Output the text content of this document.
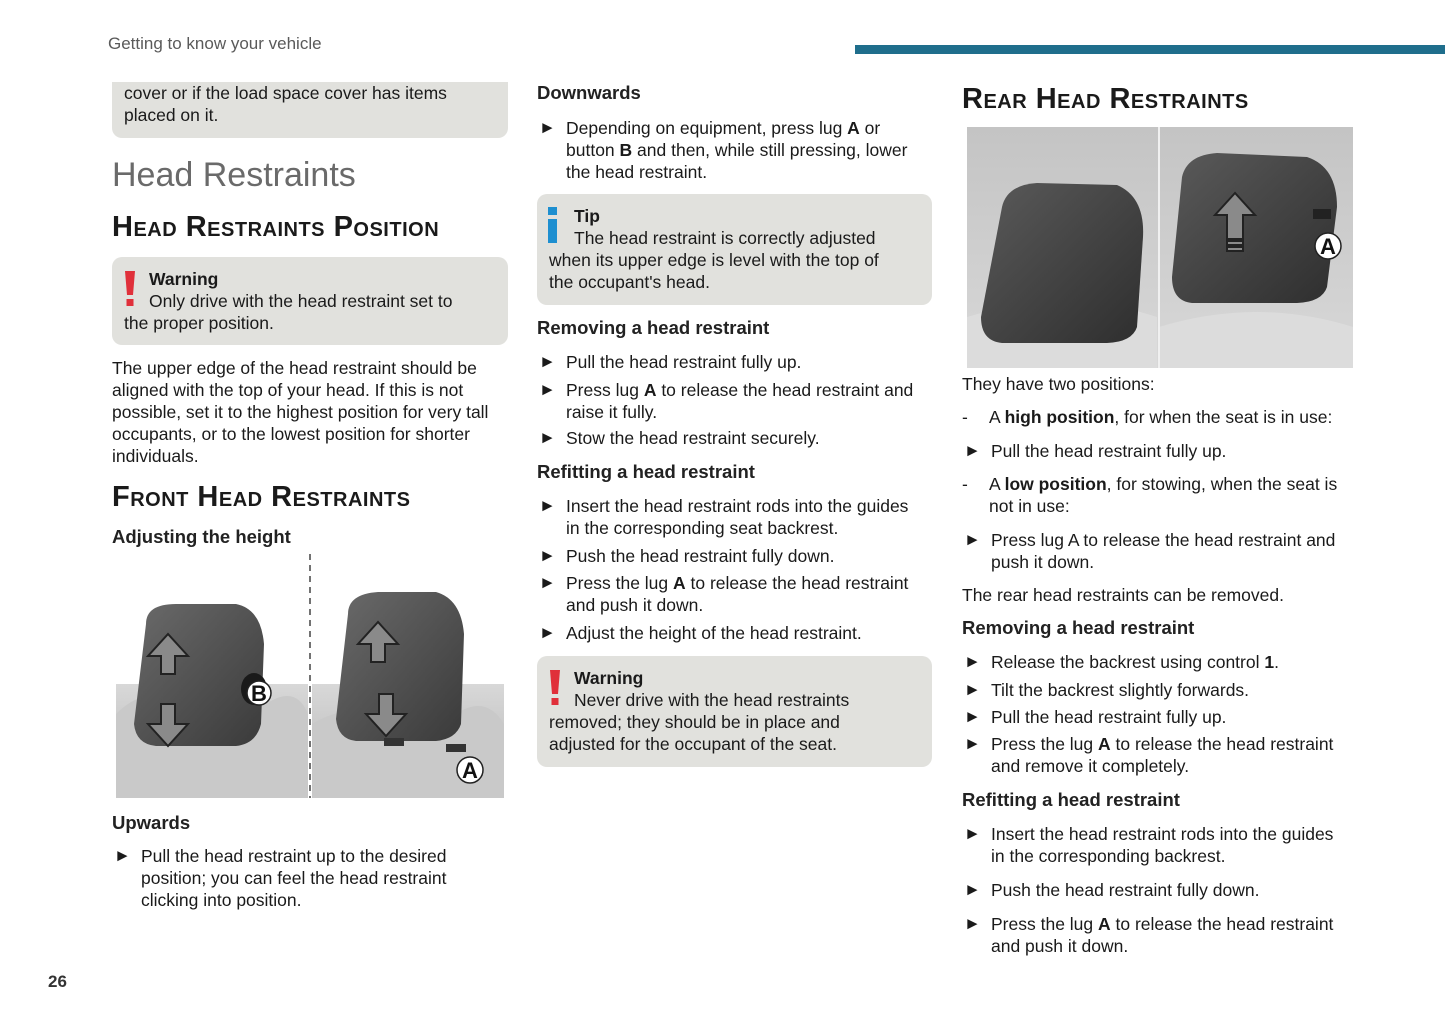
Getting to know your vehicle
26

cover or if the load space cover has items

placed on it.

Head Restraints
Head Restraints Position

Warning

Only drive with the head restraint set to

the proper position.

The upper edge of the head restraint should be

aligned with the top of your head. If this is not

possible, set it to the highest position for very tall

occupants, or to the lowest position for shorter

individuals.

Front Head Restraints
Adjusting the height
B
A
Upwards
► Pull the head restraint up to the desired
position; you can feel the head restraint
clicking into position.
Downwards
► Depending on equipment, press lug A or
button B and then, while still pressing, lower
the head restraint.

Tip

The head restraint is correctly adjusted

when its upper edge is level with the top of

the occupant's head.

Removing a head restraint
► Pull the head restraint fully up.
► Press lug A to release the head restraint and
raise it fully.
► Stow the head restraint securely.
Refitting a head restraint
► Insert the head restraint rods into the guides
in the corresponding seat backrest.
► Push the head restraint fully down.
► Press the lug A to release the head restraint
and push it down.
► Adjust the height of the head restraint.

Warning

Never drive with the head restraints

removed; they should be in place and

adjusted for the occupant of the seat.

Rear Head Restraints
A

They have two positions:

-	A high position, for when the seat is in use:
► Pull the head restraint fully up.
-	A low position, for stowing, when the seat is
not in use:
► Press lug A to release the head restraint and
push it down.

The rear head restraints can be removed.

Removing a head restraint
► Release the backrest using control 1.
► Tilt the backrest slightly forwards.
► Pull the head restraint fully up.
► Press the lug A to release the head restraint
and remove it completely.
Refitting a head restraint
► Insert the head restraint rods into the guides
in the corresponding backrest.
► Push the head restraint fully down.
► Press the lug A to release the head restraint
and push it down.
